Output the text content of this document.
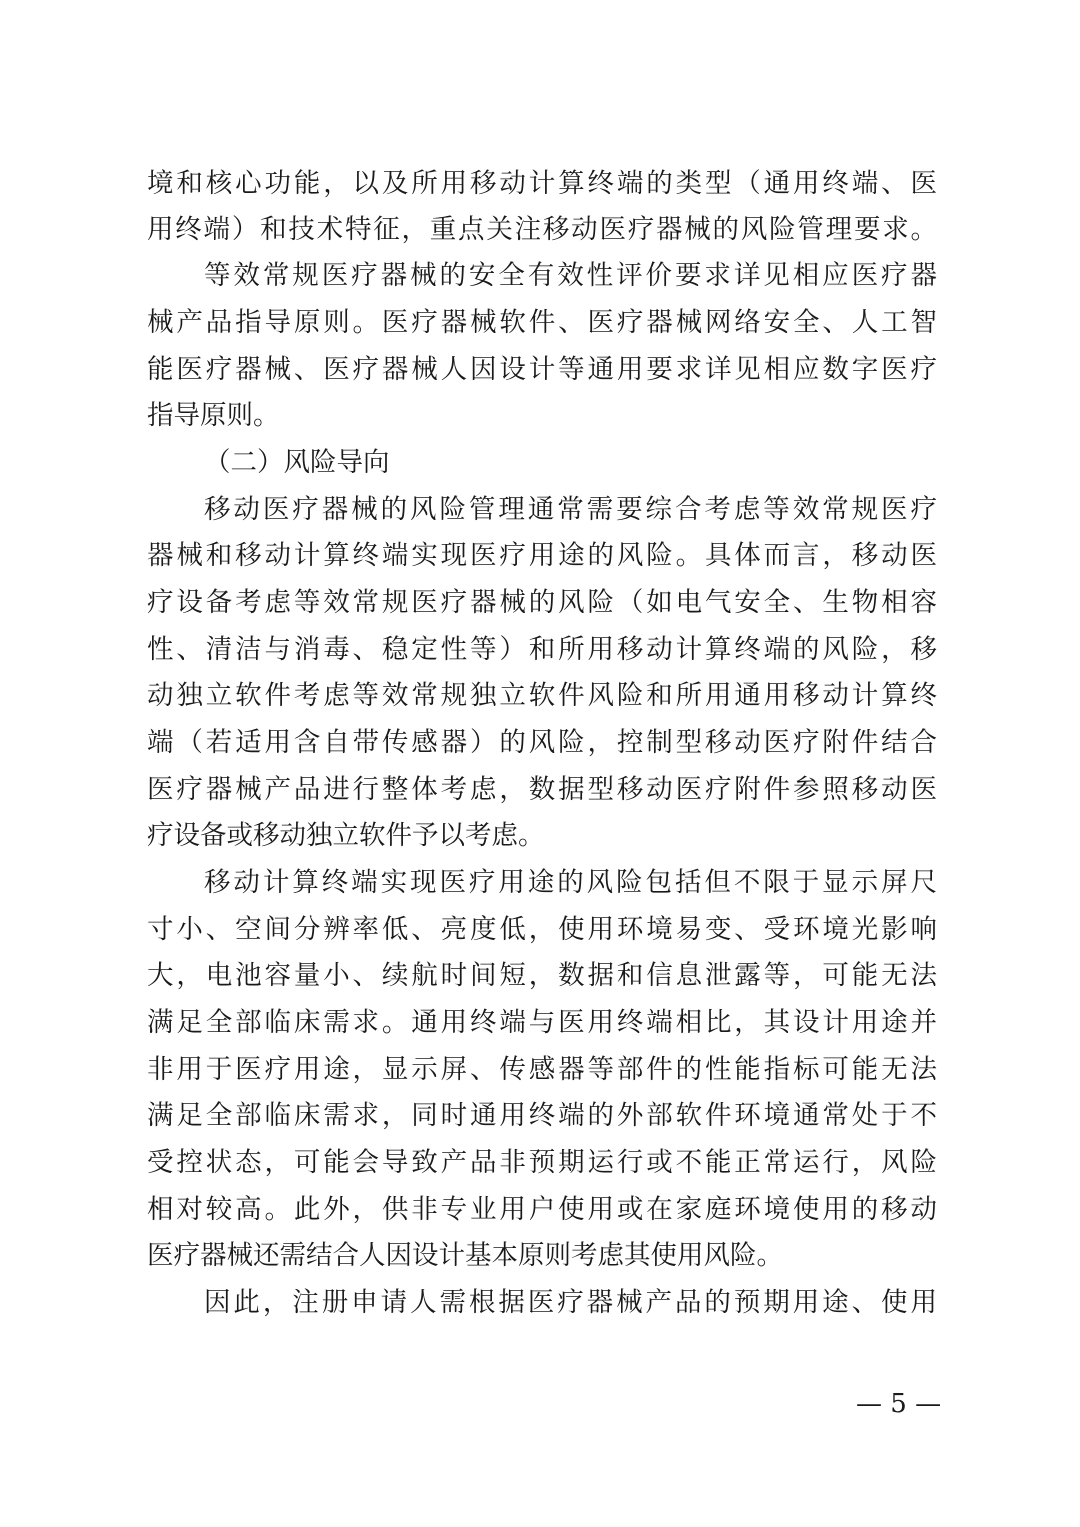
境和核心功能，以及所用移动计算终端的类型（通用终端、医
用终端）和技术特征，重点关注移动医疗器械的风险管理要求。
等效常规医疗器械的安全有效性评价要求详见相应医疗器
械产品指导原则。医疗器械软件、医疗器械网络安全、人工智
能医疗器械、医疗器械人因设计等通用要求详见相应数字医疗
指导原则。
（二）风险导向
移动医疗器械的风险管理通常需要综合考虑等效常规医疗
器械和移动计算终端实现医疗用途的风险。具体而言，移动医
疗设备考虑等效常规医疗器械的风险（如电气安全、生物相容
性、清洁与消毒、稳定性等）和所用移动计算终端的风险，移
动独立软件考虑等效常规独立软件风险和所用通用移动计算终
端（若适用含自带传感器）的风险，控制型移动医疗附件结合
医疗器械产品进行整体考虑，数据型移动医疗附件参照移动医
疗设备或移动独立软件予以考虑。
移动计算终端实现医疗用途的风险包括但不限于显示屏尺
寸小、空间分辨率低、亮度低，使用环境易变、受环境光影响
大，电池容量小、续航时间短，数据和信息泄露等，可能无法
满足全部临床需求。通用终端与医用终端相比，其设计用途并
非用于医疗用途，显示屏、传感器等部件的性能指标可能无法
满足全部临床需求，同时通用终端的外部软件环境通常处于不
受控状态，可能会导致产品非预期运行或不能正常运行，风险
相对较高。此外，供非专业用户使用或在家庭环境使用的移动
医疗器械还需结合人因设计基本原则考虑其使用风险。
因此，注册申请人需根据医疗器械产品的预期用途、使用
— 5 —
